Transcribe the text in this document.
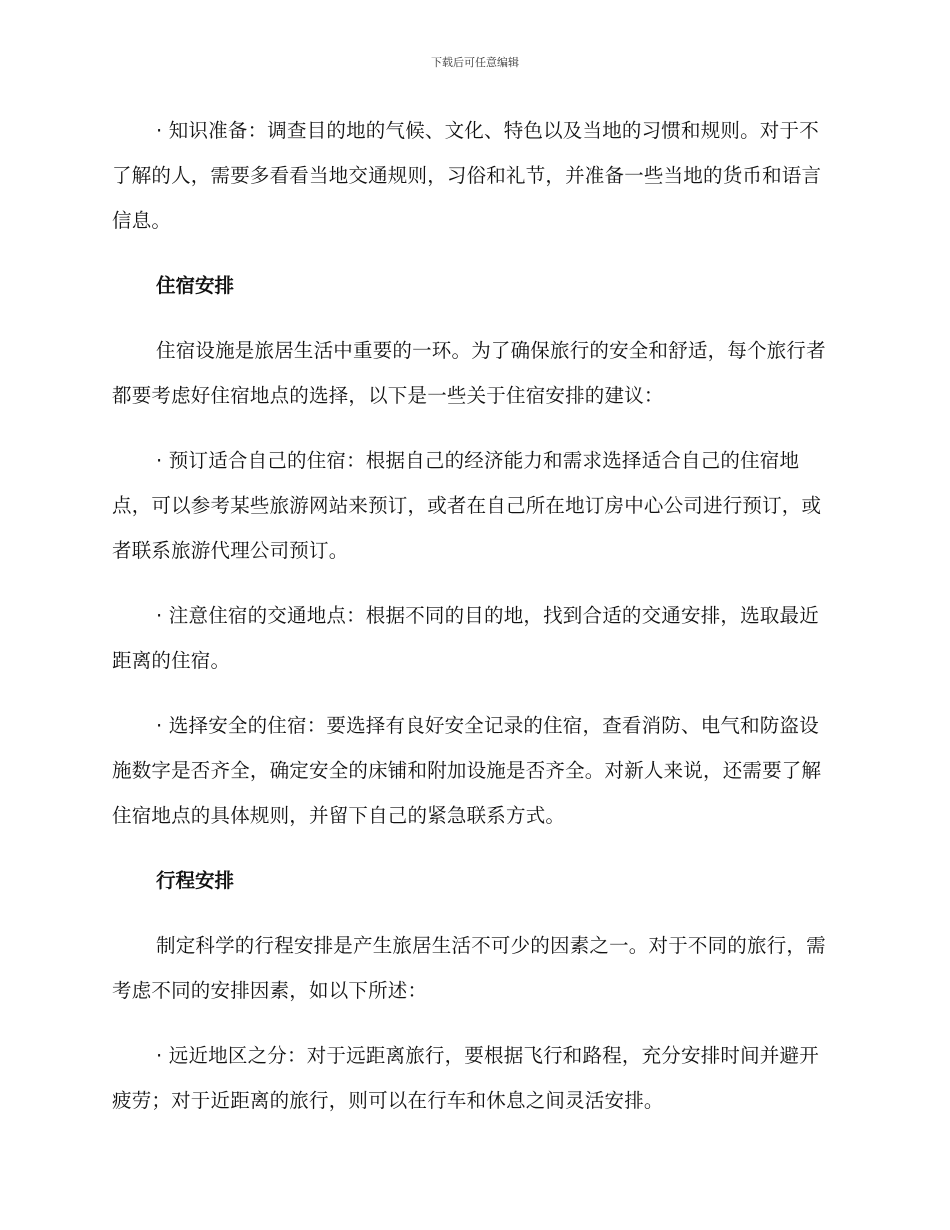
下载后可任意编辑

· 知识准备：调查目的地的气候、文化、特色以及当地的习惯和规则。对于不了解的人，需要多看看当地交通规则，习俗和礼节，并准备一些当地的货币和语言信息。

住宿安排

住宿设施是旅居生活中重要的一环。为了确保旅行的安全和舒适，每个旅行者都要考虑好住宿地点的选择，以下是一些关于住宿安排的建议：

· 预订适合自己的住宿：根据自己的经济能力和需求选择适合自己的住宿地点，可以参考某些旅游网站来预订，或者在自己所在地订房中心公司进行预订，或者联系旅游代理公司预订。

· 注意住宿的交通地点：根据不同的目的地，找到合适的交通安排，选取最近距离的住宿。

· 选择安全的住宿：要选择有良好安全记录的住宿，查看消防、电气和防盗设施数字是否齐全，确定安全的床铺和附加设施是否齐全。对新人来说，还需要了解住宿地点的具体规则，并留下自己的紧急联系方式。

行程安排

制定科学的行程安排是产生旅居生活不可少的因素之一。对于不同的旅行，需考虑不同的安排因素，如以下所述：

· 远近地区之分：对于远距离旅行，要根据飞行和路程，充分安排时间并避开疲劳；对于近距离的旅行，则可以在行车和休息之间灵活安排。
